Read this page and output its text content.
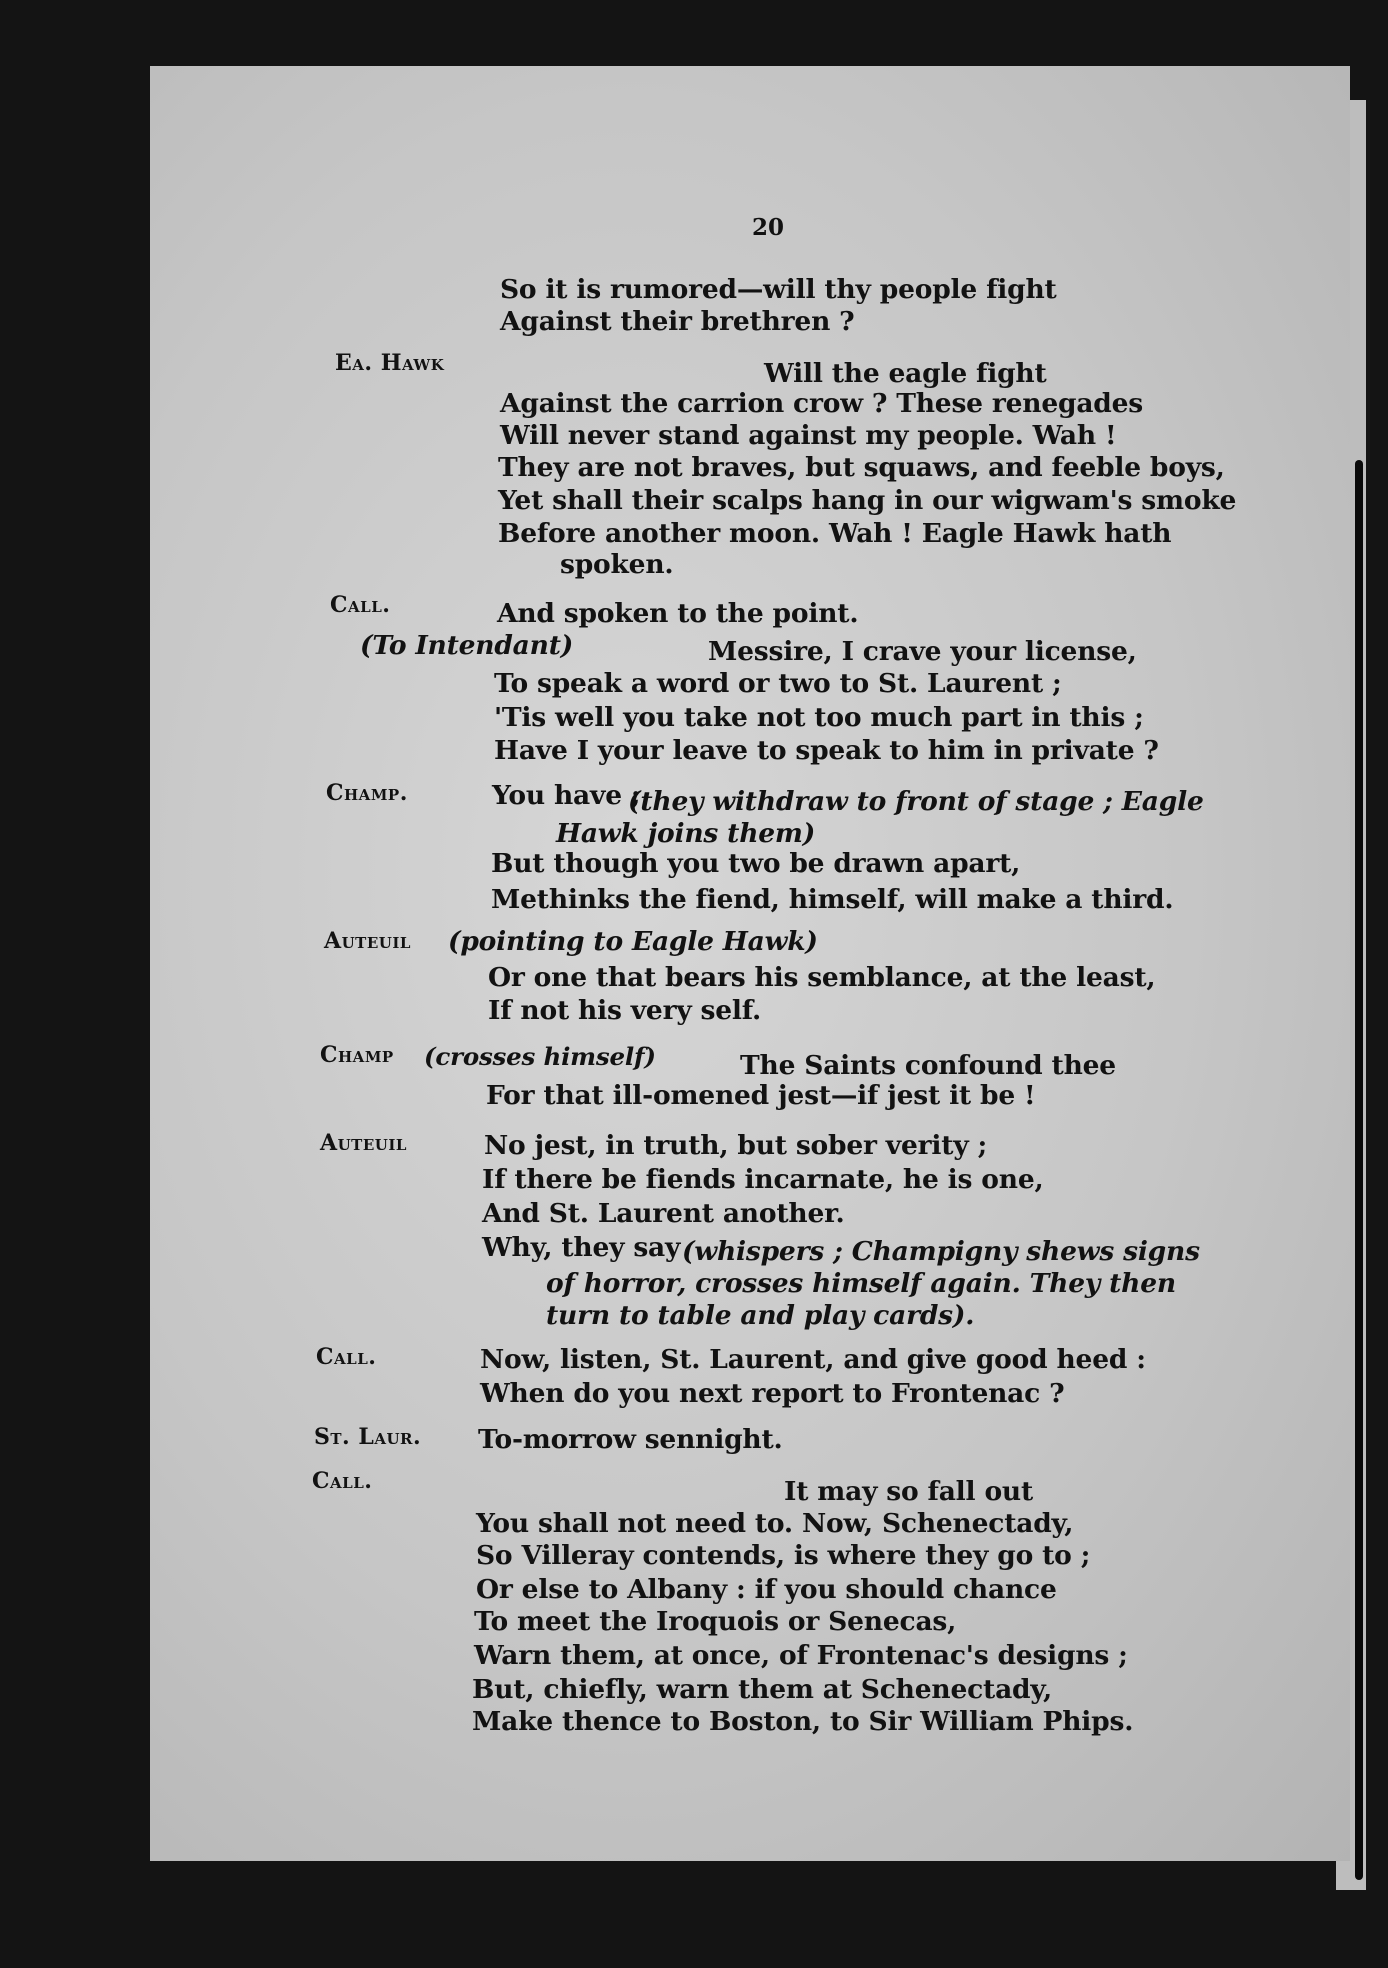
20
So it is rumored—will thy people fight
Against their brethren ?
Ea. Hawk	Will the eagle fight
Against the carrion crow ? These renegades
Will never stand against my people. Wah !
They are not braves, but squaws, and feeble boys,
Yet shall their scalps hang in our wigwam's smoke
Before another moon. Wah ! Eagle Hawk hath
spoken.
Call.	And spoken to the point.
(To Intendant)	Messire, I crave your license,
To speak a word or two to St. Laurent ;
'Tis well you take not too much part in this ;
Have I your leave to speak to him in private ?
Champ.	You have ;
(they withdraw to front of stage ; Eagle
Hawk joins them)
But though you two be drawn apart,
Methinks the fiend, himself, will make a third.
Auteuil (pointing to Eagle Hawk)
Or one that bears his semblance, at the least,
If not his very self.
Champ (crosses himself)	The Saints confound thee
For that ill-omened jest—if jest it be !
Auteuil	No jest, in truth, but sober verity ;
If there be fiends incarnate, he is one,
And St. Laurent another.
Why, they say (whispers ; Champigny shews signs
of horror, crosses himself again. They then
turn to table and play cards).
Call.	Now, listen, St. Laurent, and give good heed :
When do you next report to Frontenac ?
St. Laur. To-morrow sennight.
Call.	It may so fall out
You shall not need to. Now, Schenectady,
So Villeray contends, is where they go to ;
Or else to Albany : if you should chance
To meet the Iroquois or Senecas,
Warn them, at once, of Frontenac's designs ;
But, chiefly, warn them at Schenectady,
Make thence to Boston, to Sir William Phips.
